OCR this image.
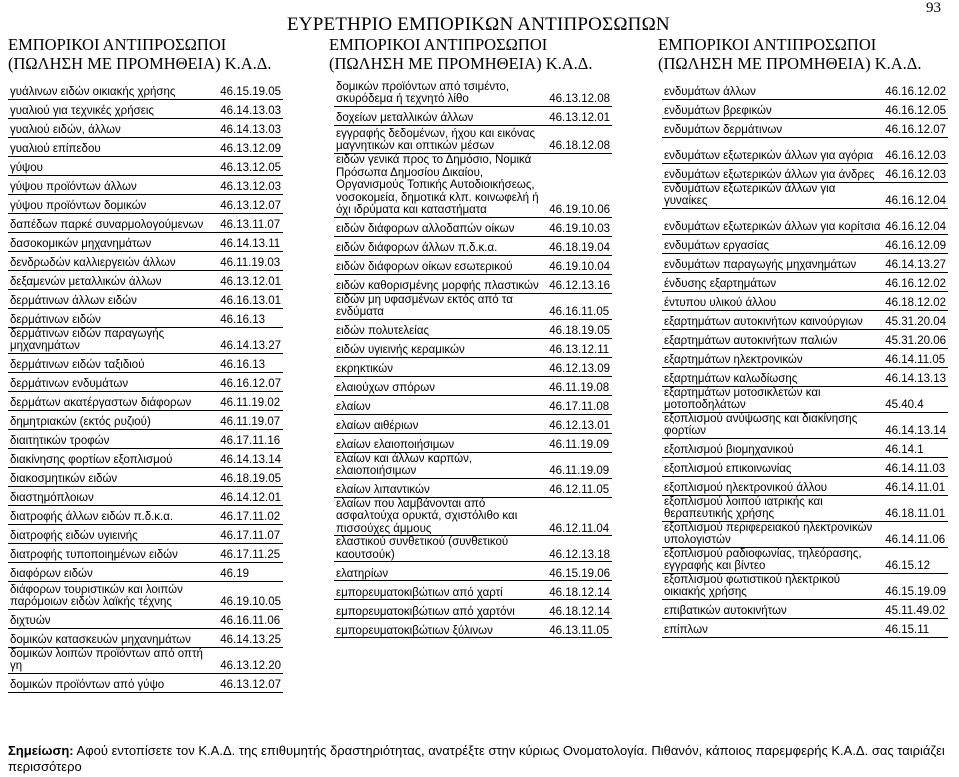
93
ΕΥΡΕΤΗΡΙΟ ΕΜΠΟΡΙΚΩΝ ΑΝΤΙΠΡΟΣΩΠΩΝ
ΕΜΠΟΡΙΚΟΙ ΑΝΤΙΠΡΟΣΩΠΟΙ
(ΠΩΛΗΣΗ ΜΕ ΠΡΟΜΗΘΕΙΑ) Κ.Α.Δ.
ΕΜΠΟΡΙΚΟΙ ΑΝΤΙΠΡΟΣΩΠΟΙ
(ΠΩΛΗΣΗ ΜΕ ΠΡΟΜΗΘΕΙΑ) Κ.Α.Δ.
ΕΜΠΟΡΙΚΟΙ ΑΝΤΙΠΡΟΣΩΠΟΙ
(ΠΩΛΗΣΗ ΜΕ ΠΡΟΜΗΘΕΙΑ) Κ.Α.Δ.
γυάλινων ειδών οικιακής χρήσης	46.15.19.05
γυαλιού για τεχνικές χρήσεις	46.14.13.03
γυαλιού ειδών, άλλων	46.14.13.03
γυαλιού επίπεδου	46.13.12.09
γύψου	46.13.12.05
γύψου προϊόντων άλλων	46.13.12.03
γύψου προϊόντων δομικών	46.13.12.07
δαπέδων παρκέ συναρμολογούμενων	46.13.11.07
δασοκομικών μηχανημάτων	46.14.13.11
δενδρωδών καλλιεργειών άλλων	46.11.19.03
δεξαμενών μεταλλικών άλλων	46.13.12.01
δερμάτινων άλλων ειδών	46.16.13.01
δερμάτινων ειδών	46.16.13
δερμάτινων ειδών παραγωγής μηχανημάτων	46.14.13.27
δερμάτινων ειδών ταξιδιού	46.16.13
δερμάτινων ενδυμάτων	46.16.12.07
δερμάτων ακατέργαστων διάφορων	46.11.19.02
δημητριακών (εκτός ρυζιού)	46.11.19.07
διαιτητικών τροφών	46.17.11.16
διακίνησης φορτίων εξοπλισμού	46.14.13.14
διακοσμητικών ειδών	46.18.19.05
διαστημόπλοιων	46.14.12.01
διατροφής άλλων ειδών π.δ.κ.α.	46.17.11.02
διατροφής ειδών υγιεινής	46.17.11.07
διατροφής τυποποιημένων ειδών	46.17.11.25
διαφόρων ειδών	46.19
διάφορων τουριστικών και λοιπών παρόμοιων ειδών λαϊκής τέχνης	46.19.10.05
διχτυών	46.16.11.06
δομικών κατασκευών μηχανημάτων	46.14.13.25
δομικών λοιπών προϊόντων από οπτή γη	46.13.12.20
δομικών προϊόντων από γύψο	46.13.12.07
δομικών προϊόντων από τσιμέντο, σκυρόδεμα ή τεχνητό λίθο	46.13.12.08
δοχείων μεταλλικών άλλων	46.13.12.01
εγγραφής δεδομένων, ήχου και εικόνας μαγνητικών και οπτικών μέσων	46.18.12.08
ειδών γενικά προς το Δημόσιο, Νομικά Πρόσωπα Δημοσίου Δικαίου, Οργανισμούς Τοπικής Αυτοδιοικήσεως, νοσοκομεία, δημοτικά κλπ. κοινωφελή ή όχι ιδρύματα και καταστήματα	46.19.10.06
ειδών διάφορων αλλοδαπών οίκων	46.19.10.03
ειδών διάφορων άλλων π.δ.κ.α.	46.18.19.04
ειδών διάφορων οίκων εσωτερικού	46.19.10.04
ειδών καθορισμένης μορφής πλαστικών	46.12.13.16
ειδών μη υφασμένων εκτός από τα ενδύματα	46.16.11.05
ειδών πολυτελείας	46.18.19.05
ειδών υγιεινής κεραμικών	46.13.12.11
εκρηκτικών	46.12.13.09
ελαιούχων σπόρων	46.11.19.08
ελαίων	46.17.11.08
ελαίων αιθέριων	46.12.13.01
ελαίων ελαιοποιήσιμων	46.11.19.09
ελαίων και άλλων καρπών, ελαιοποιήσιμων	46.11.19.09
ελαίων λιπαντικών	46.12.11.05
ελαίων που λαμβάνονται από ασφαλτούχα ορυκτά, σχιστόλιθο και πισσούχες άμμους	46.12.11.04
ελαστικού συνθετικού (συνθετικού καουτσούκ)	46.12.13.18
ελατηρίων	46.15.19.06
εμπορευματοκιβώτιων από χαρτί	46.18.12.14
εμπορευματοκιβώτιων από χαρτόνι	46.18.12.14
εμπορευματοκιβώτιων ξύλινων	46.13.11.05
ενδυμάτων άλλων	46.16.12.02
ενδυμάτων βρεφικών	46.16.12.05
ενδυμάτων δερμάτινων	46.16.12.07
ενδυμάτων εξωτερικών άλλων για αγόρια	46.16.12.03
ενδυμάτων εξωτερικών άλλων για άνδρες	46.16.12.03
ενδυμάτων εξωτερικών άλλων για γυναίκες	46.16.12.04
ενδυμάτων εξωτερικών άλλων για κορίτσια	46.16.12.04
ενδυμάτων εργασίας	46.16.12.09
ενδυμάτων παραγωγής μηχανημάτων	46.14.13.27
ένδυσης εξαρτημάτων	46.16.12.02
έντυπου υλικού άλλου	46.18.12.02
εξαρτημάτων αυτοκινήτων καινούργιων	45.31.20.04
εξαρτημάτων αυτοκινήτων παλιών	45.31.20.06
εξαρτημάτων ηλεκτρονικών	46.14.11.05
εξαρτημάτων καλωδίωσης	46.14.13.13
εξαρτημάτων μοτοσικλετών και μοτοποδηλάτων	45.40.4
εξοπλισμού ανύψωσης και διακίνησης φορτίων	46.14.13.14
εξοπλισμού βιομηχανικού	46.14.1
εξοπλισμού επικοινωνίας	46.14.11.03
εξοπλισμού ηλεκτρονικού άλλου	46.14.11.01
εξοπλισμού λοιπού ιατρικής και θεραπευτικής χρήσης	46.18.11.01
εξοπλισμού περιφερειακού ηλεκτρονικών υπολογιστών	46.14.11.06
εξοπλισμού ραδιοφωνίας, τηλεόρασης, εγγραφής και βίντεο	46.15.12
εξοπλισμού φωτιστικού ηλεκτρικού οικιακής χρήσης	46.15.19.09
επιβατικών αυτοκινήτων	45.11.49.02
επίπλων	46.15.11
Σημείωση: Αφού εντοπίσετε τον Κ.Α.Δ. της επιθυμητής δραστηριότητας, ανατρέξτε στην κύριως Ονοματολογία. Πιθανόν, κάποιος παρεμφερής Κ.Α.Δ. σας ταιριάζει περισσότερο
